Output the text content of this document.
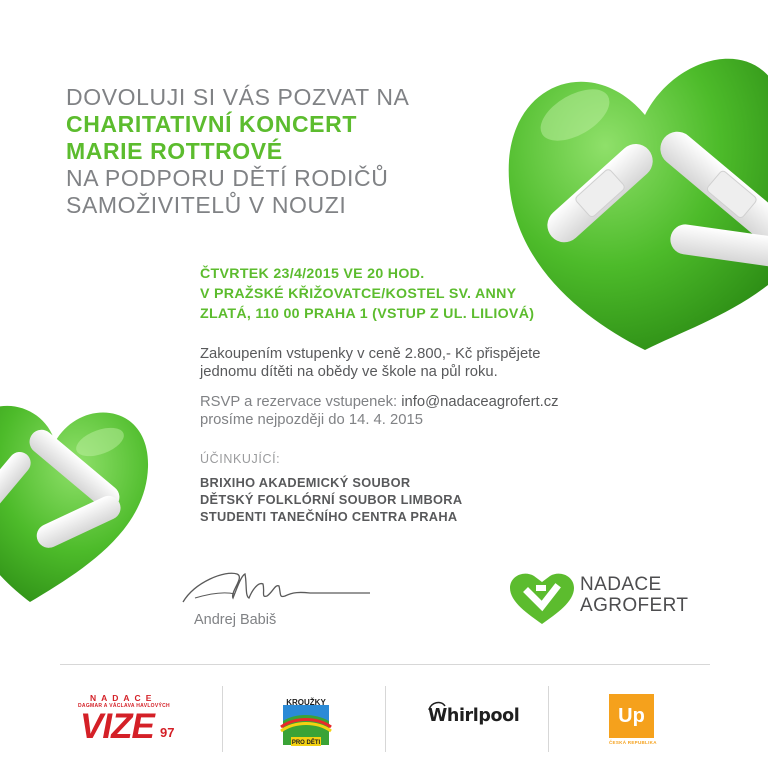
DOVOLUJI SI VÁS POZVAT NA
CHARITATIVNÍ KONCERT
MARIE ROTTROVÉ
NA PODPORU DĚTÍ RODIČŮ
SAMOŽIVITELŮ V NOUZI
ČTVRTEK 23/4/2015 VE 20 HOD.
V PRAŽSKÉ KŘIŽOVATCE/KOSTEL SV. ANNY
ZLATÁ, 110 00 PRAHA 1 (VSTUP Z UL. LILIOVÁ)
Zakoupením vstupenky v ceně 2.800,- Kč přispějete
jednomu dítěti na obědy ve škole na půl roku.
RSVP a rezervace vstupenek: info@nadaceagrofert.cz
prosíme nejpozději do 14. 4. 2015
ÚČINKUJÍCÍ:
BRIXIHO AKADEMICKÝ SOUBOR
DĚTSKÝ FOLKLÓRNÍ SOUBOR LIMBORA
STUDENTI TANEČNÍHO CENTRA PRAHA
Andrej Babiš
NADACE
AGROFERT
NADACE
DAGMAR A VÁCLAVA HAVLOVÝCH
VIZE 97
KROUŽKY
PRO DĚTI
Whirlpool	Up
ČESKÁ REPUBLIKA
